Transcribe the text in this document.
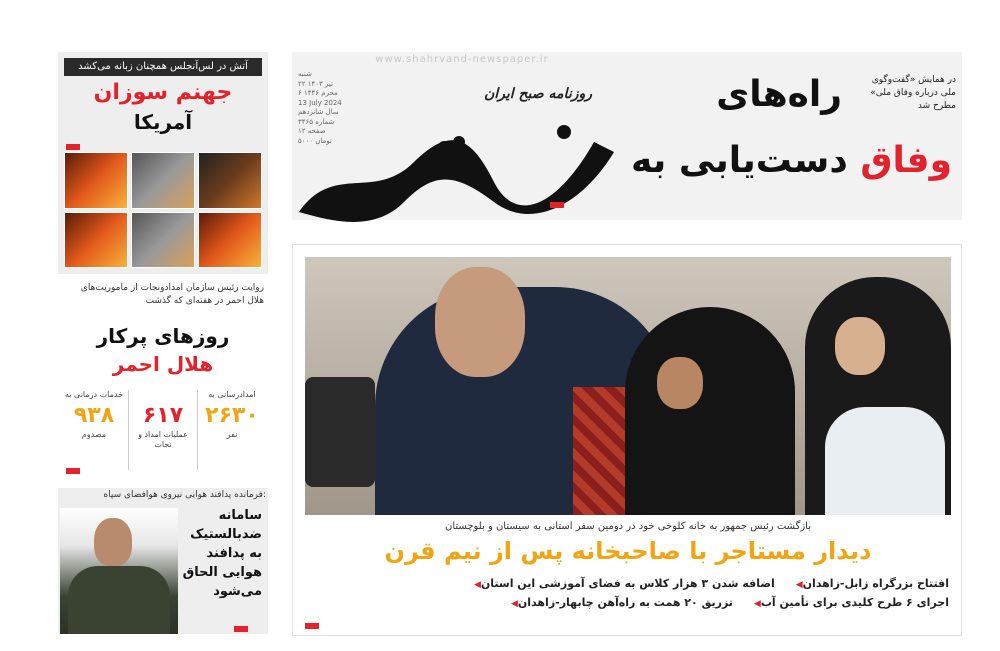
آتش در لس‌آنجلس همچنان زبانه می‌کشد
جهنم سوزان
آمریکا
روایت رئیس سازمان امدادونجات از ماموریت‌های هلال احمر در هفته‌ای که گذشت
روزهای پرکار
هلال احمر
امدادرسانی به
۲۶۳۰
نفر
۶۱۷
عملیات امداد و نجات
خدمات درمانی به
۹۳۸
مصدوم
فرمانده پدافند هوایی نیروی هوافضای سپاه:
سامانه ضدبالستیک به پدافند هوایی الحاق می‌شود
www.shahrvand-newspaper.ir
شنبه
۲۲ تیر ۱۴۰۳
۶ محرم ۱۴۴۶
13 July 2024
سال شانزدهم
شماره ۳۴۶۵
۱۲ صفحه
۵۰۰۰ تومان
روزنامه صبح ایران	راه‌های
وفاق دست‌یابی به
در همایش «گفت‌وگوی ملی درباره وفاق ملی» مطرح شد
بازگشت رئیس جمهور به خانه کلوخی خود در دومین سفر استانی به سیستان و بلوچستان
دیدار مستاجر با صاحبخانه پس از نیم قرن
◀افتتاح بزرگراه زابل-زاهدان
◀اضافه شدن ۳ هزار کلاس به فضای آموزشی این استان
◀اجرای ۶ طرح کلیدی برای تأمین آب
◀تزریق ۲۰ همت به راه‌آهن چابهار-زاهدان
